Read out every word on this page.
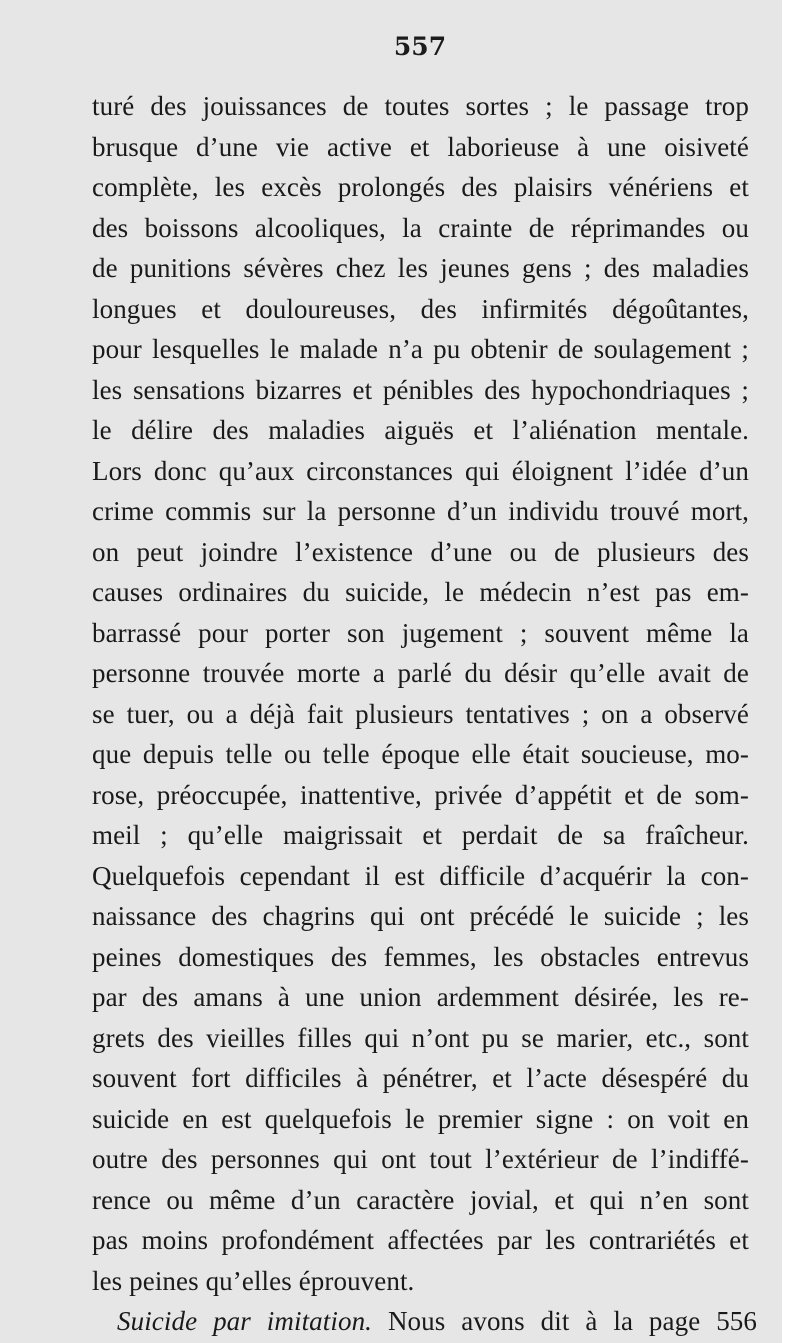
557
turé des jouissances de toutes sortes ; le passage trop
brusque d’une vie active et laborieuse à une oisiveté
complète, les excès prolongés des plaisirs vénériens et
des boissons alcooliques, la crainte de réprimandes ou
de punitions sévères chez les jeunes gens ; des maladies
longues et douloureuses, des infirmités dégoûtantes,
pour lesquelles le malade n’a pu obtenir de soulagement ;
les sensations bizarres et pénibles des hypochondriaques ;
le délire des maladies aiguës et l’aliénation mentale.
Lors donc qu’aux circonstances qui éloignent l’idée d’un
crime commis sur la personne d’un individu trouvé mort,
on peut joindre l’existence d’une ou de plusieurs des
causes ordinaires du suicide, le médecin n’est pas em-
barrassé pour porter son jugement ; souvent même la
personne trouvée morte a parlé du désir qu’elle avait de
se tuer, ou a déjà fait plusieurs tentatives ; on a observé
que depuis telle ou telle époque elle était soucieuse, mo-
rose, préoccupée, inattentive, privée d’appétit et de som-
meil ; qu’elle maigrissait et perdait de sa fraîcheur.
Quelquefois cependant il est difficile d’acquérir la con-
naissance des chagrins qui ont précédé le suicide ; les
peines domestiques des femmes, les obstacles entrevus
par des amans à une union ardemment désirée, les re-
grets des vieilles filles qui n’ont pu se marier, etc., sont
souvent fort difficiles à pénétrer, et l’acte désespéré du
suicide en est quelquefois le premier signe : on voit en
outre des personnes qui ont tout l’extérieur de l’indiffé-
rence ou même d’un caractère jovial, et qui n’en sont
pas moins profondément affectées par les contrariétés et
les peines qu’elles éprouvent.
Suicide par imitation. Nous avons dit à la page 556
